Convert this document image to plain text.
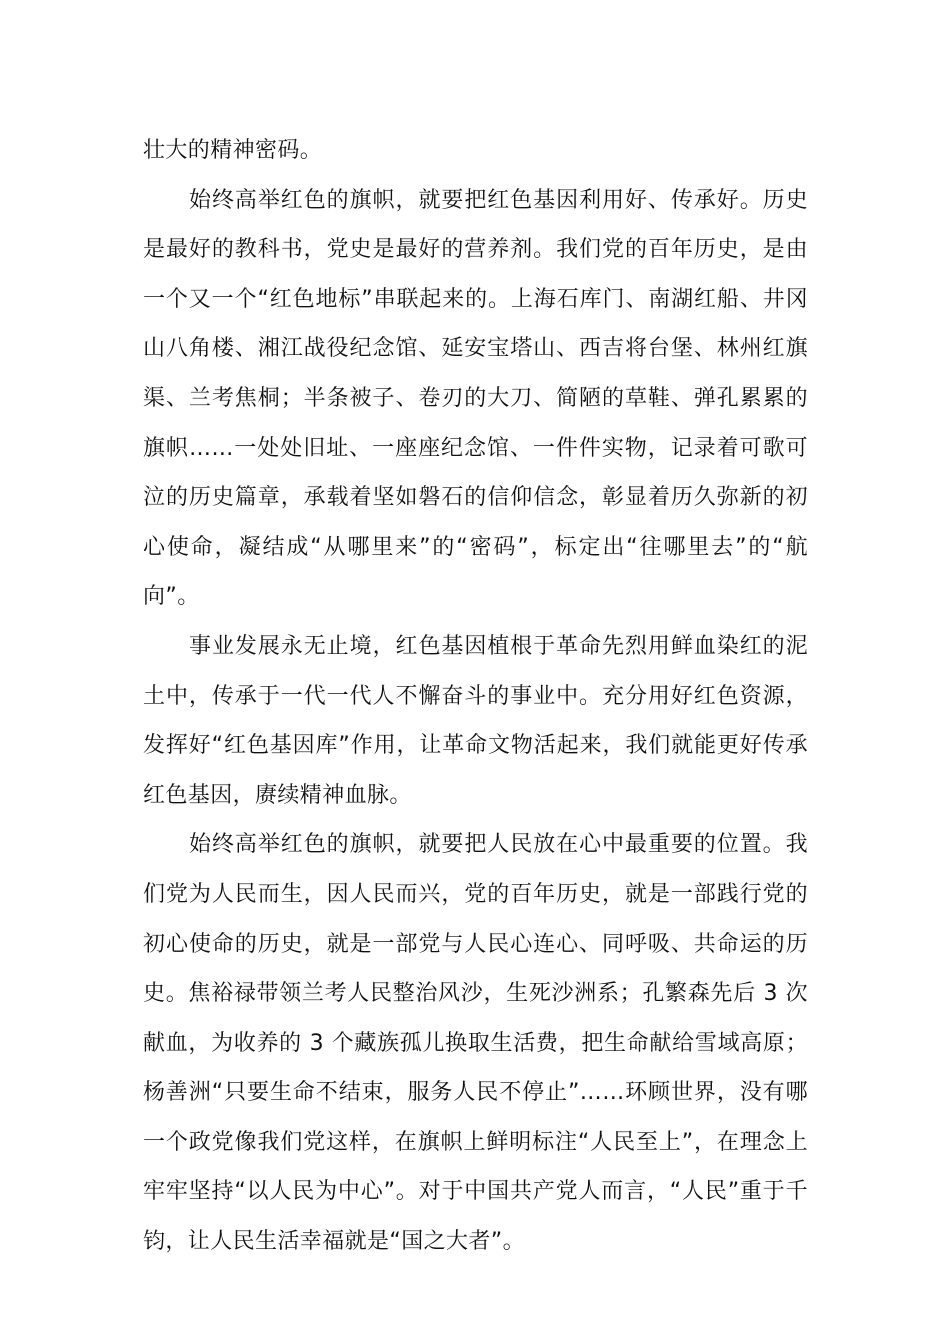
壮大的精神密码。

始终高举红色的旗帜，就要把红色基因利用好、传承好。历史是最好的教科书，党史是最好的营养剂。我们党的百年历史，是由一个又一个“红色地标”串联起来的。上海石库门、南湖红船、井冈山八角楼、湘江战役纪念馆、延安宝塔山、西吉将台堡、林州红旗渠、兰考焦桐；半条被子、卷刃的大刀、简陋的草鞋、弹孔累累的旗帜……一处处旧址、一座座纪念馆、一件件实物，记录着可歌可泣的历史篇章，承载着坚如磐石的信仰信念，彰显着历久弥新的初心使命，凝结成“从哪里来”的“密码”，标定出“往哪里去”的“航向”。

事业发展永无止境，红色基因植根于革命先烈用鲜血染红的泥土中，传承于一代一代人不懈奋斗的事业中。充分用好红色资源，发挥好“红色基因库”作用，让革命文物活起来，我们就能更好传承红色基因，赓续精神血脉。

始终高举红色的旗帜，就要把人民放在心中最重要的位置。我们党为人民而生，因人民而兴，党的百年历史，就是一部践行党的初心使命的历史，就是一部党与人民心连心、同呼吸、共命运的历史。焦裕禄带领兰考人民整治风沙，生死沙洲系；孔繁森先后 3 次献血，为收养的 3 个藏族孤儿换取生活费，把生命献给雪域高原；杨善洲“只要生命不结束，服务人民不停止”……环顾世界，没有哪一个政党像我们党这样，在旗帜上鲜明标注“人民至上”，在理念上牢牢坚持“以人民为中心”。对于中国共产党人而言，“人民”重于千钧，让人民生活幸福就是“国之大者”。
